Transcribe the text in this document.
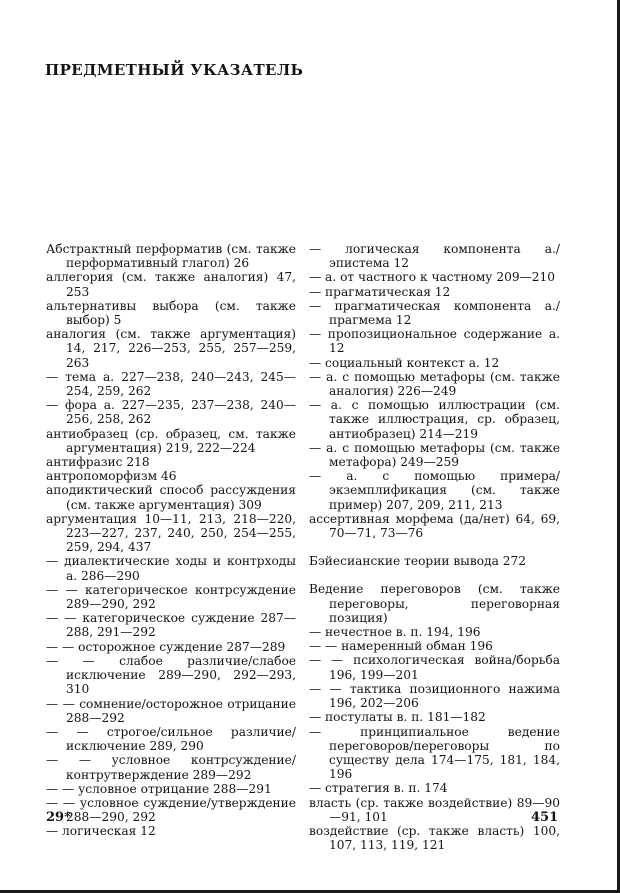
ПРЕДМЕТНЫЙ УКАЗАТЕЛЬ
Абстрактный перформатив (см. также перформативный глагол) 26
аллегория (см. также аналогия) 47, 253
альтернативы выбора (см. также выбор) 5
аналогия (см. также аргументация) 14, 217, 226—253, 255, 257—259, 263
— тема а. 227—238, 240—243, 245—254, 259, 262
— фора а. 227—235, 237—238, 240—256, 258, 262
антиобразец (ср. образец, см. также аргументация) 219, 222—224
антифразис 218
антропоморфизм 46
аподиктический способ рассуждения (см. также аргументация) 309
аргументация 10—11, 213, 218—220, 223—227, 237, 240, 250, 254—255, 259, 294, 437
— диалектические ходы и контрходы а. 286—290
— — категорическое контрсуждение 289—290, 292
— — категорическое суждение 287—288, 291—292
— — осторожное суждение 287—289
— — слабое различие/слабое исключение 289—290, 292—293, 310
— — сомнение/осторожное отрицание 288—292
— — строгое/сильное различие/исключение 289, 290
— — условное контрсуждение/ контрутверждение 289—292
— — условное отрицание 288—291
— — условное суждение/утверждение 288—290, 292
— логическая 12
— логическая компонента а./эпистема 12
— а. от частного к частному 209—210
— прагматическая 12
— прагматическая компонента а./ прагмема 12
— пропозициональное содержание а. 12
— социальный контекст а. 12
— а. с помощью метафоры (см. также аналогия) 226—249
— а. с помощью иллюстрации (см. также иллюстрация, ср. образец, антиобразец) 214—219
— а. с помощью метафоры (см. также метафора) 249—259
— а. с помощью примера/экземплификация (см. также пример) 207, 209, 211, 213
ассертивная морфема (да/нет) 64, 69, 70—71, 73—76
Бэйесианские теории вывода 272
Ведение переговоров (см. также переговоры, переговорная позиция)
— нечестное в. п. 194, 196
— — намеренный обман 196
— — психологическая война/борьба 196, 199—201
— — тактика позиционного нажима 196, 202—206
— постулаты в. п. 181—182
— принципиальное ведение переговоров/переговоры по существу дела 174—175, 181, 184, 196
— стратегия в. п. 174
власть (ср. также воздействие) 89—90—91, 101
воздействие (ср. также власть) 100, 107, 113, 119, 121
29*	451
